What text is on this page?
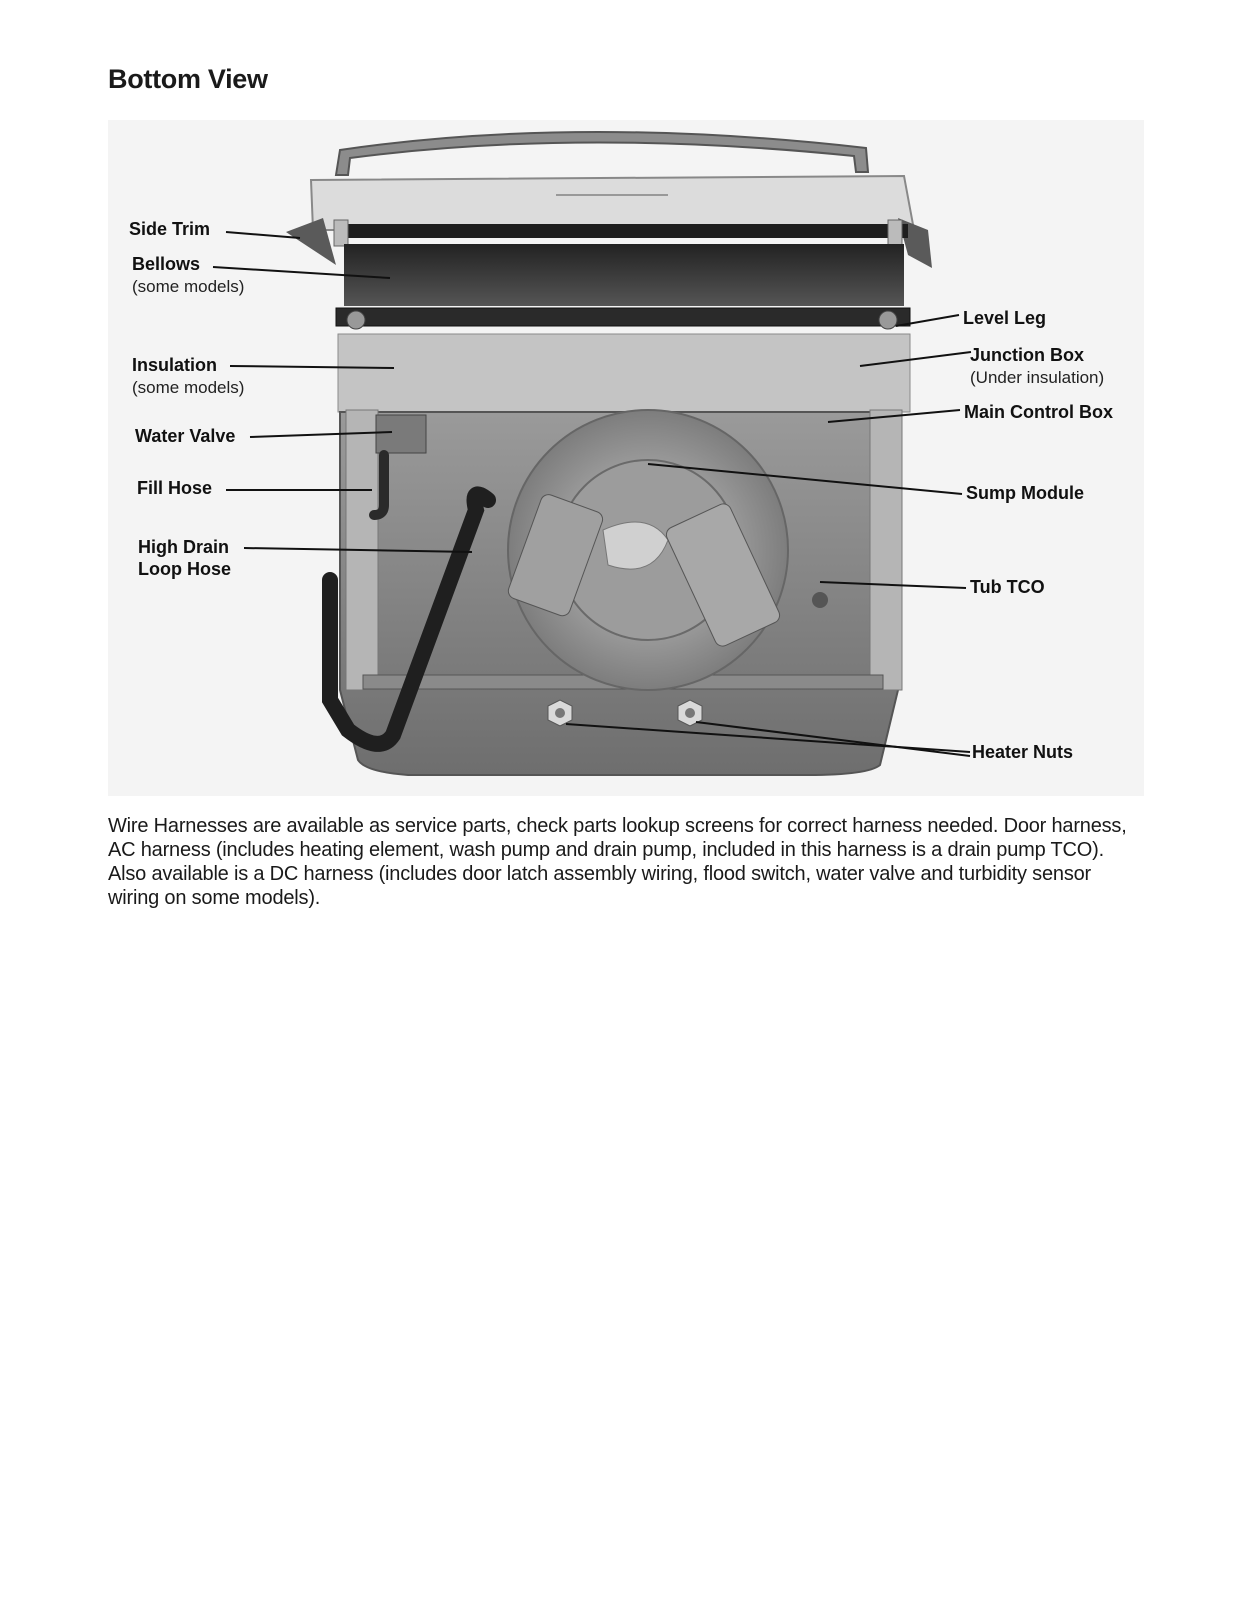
Bottom View
Side Trim
Bellows
(some models)
Insulation
(some models)
Water Valve
Fill Hose
High Drain
Loop Hose
Level Leg
Junction Box
(Under insulation)
Main Control Box
Sump Module
Tub TCO
Heater Nuts

Wire Harnesses are available as service parts, check parts lookup screens for correct harness needed. Door harness, AC harness (includes heating element, wash pump and drain pump, included in this harness is a drain pump TCO). Also available is a DC harness (includes door latch assembly wiring, flood switch, water valve and turbidity sensor wiring on some models).
